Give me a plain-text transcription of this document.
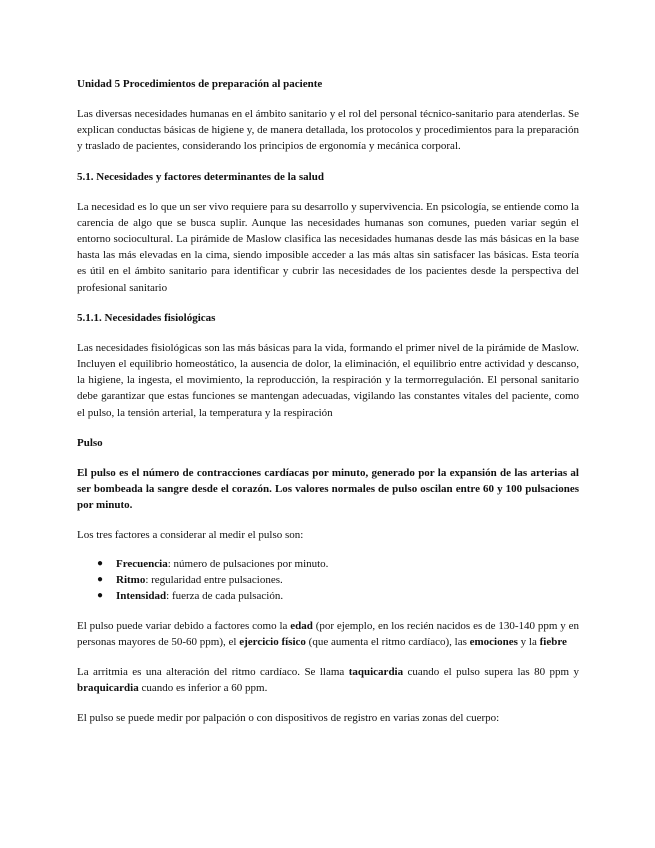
Unidad 5 Procedimientos de preparación al paciente

Las diversas necesidades humanas en el ámbito sanitario y el rol del personal técnico-sanitario para atenderlas. Se explican conductas básicas de higiene y, de manera detallada, los protocolos y procedimientos para la preparación y traslado de pacientes, considerando los principios de ergonomía y mecánica corporal.

5.1. Necesidades y factores determinantes de la salud

La necesidad es lo que un ser vivo requiere para su desarrollo y supervivencia. En psicología, se entiende como la carencia de algo que se busca suplir. Aunque las necesidades humanas son comunes, pueden variar según el entorno sociocultural. La pirámide de Maslow clasifica las necesidades humanas desde las más básicas en la base hasta las más elevadas en la cima, siendo imposible acceder a las más altas sin satisfacer las básicas. Esta teoría es útil en el ámbito sanitario para identificar y cubrir las necesidades de los pacientes desde la perspectiva del profesional sanitario

5.1.1. Necesidades fisiológicas

Las necesidades fisiológicas son las más básicas para la vida, formando el primer nivel de la pirámide de Maslow. Incluyen el equilibrio homeostático, la ausencia de dolor, la eliminación, el equilibrio entre actividad y descanso, la higiene, la ingesta, el movimiento, la reproducción, la respiración y la termorregulación. El personal sanitario debe garantizar que estas funciones se mantengan adecuadas, vigilando las constantes vitales del paciente, como el pulso, la tensión arterial, la temperatura y la respiración

Pulso

El pulso es el número de contracciones cardíacas por minuto, generado por la expansión de las arterias al ser bombeada la sangre desde el corazón. Los valores normales de pulso oscilan entre 60 y 100 pulsaciones por minuto.

Los tres factores a considerar al medir el pulso son:

● Frecuencia: número de pulsaciones por minuto.
● Ritmo: regularidad entre pulsaciones.
● Intensidad: fuerza de cada pulsación.

El pulso puede variar debido a factores como la edad (por ejemplo, en los recién nacidos es de 130-140 ppm y en personas mayores de 50-60 ppm), el ejercicio físico (que aumenta el ritmo cardíaco), las emociones y la fiebre

La arritmia es una alteración del ritmo cardíaco. Se llama taquicardia cuando el pulso supera las 80 ppm y braquicardia cuando es inferior a 60 ppm.

El pulso se puede medir por palpación o con dispositivos de registro en varias zonas del cuerpo:
